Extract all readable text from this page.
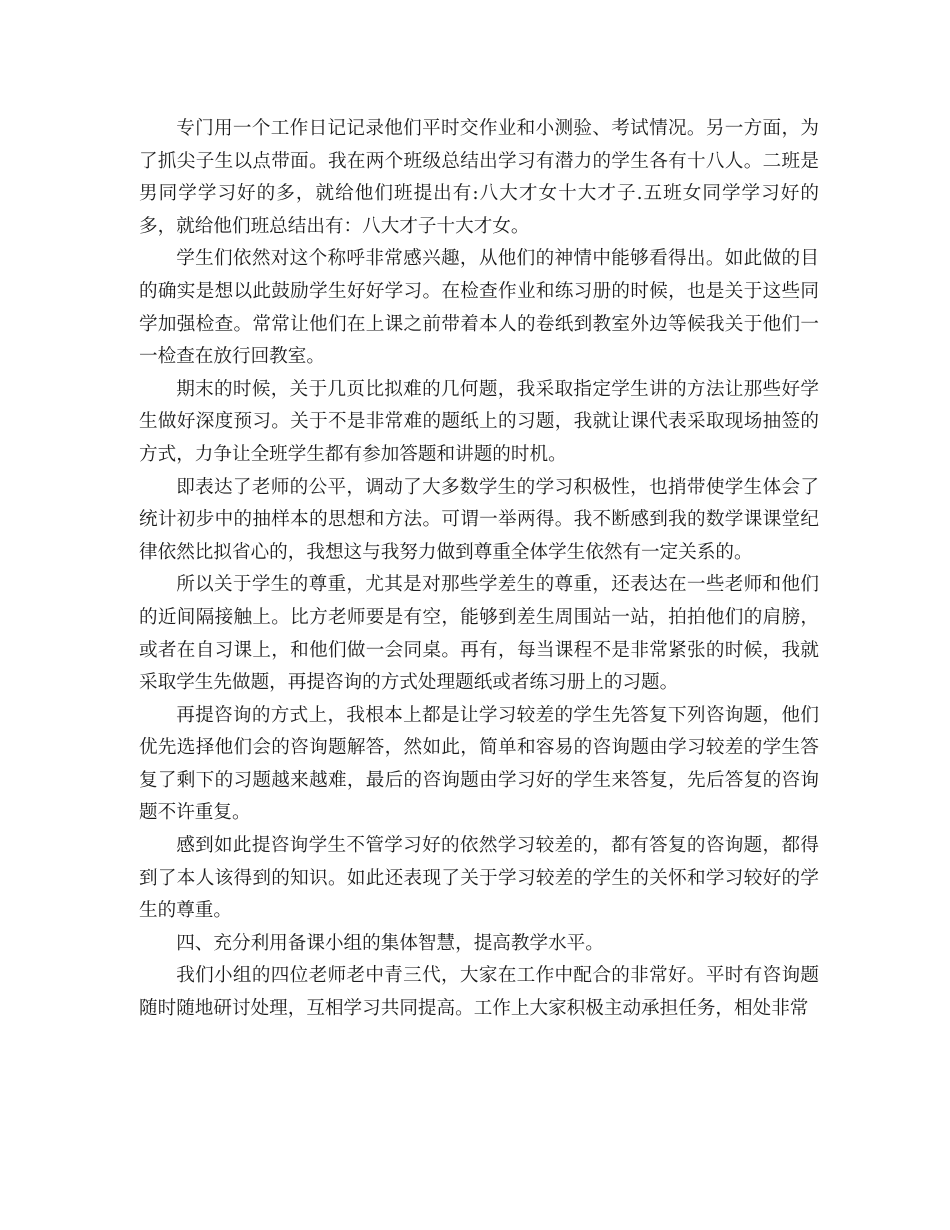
专门用一个工作日记记录他们平时交作业和小测验、考试情况。另一方面，为了抓尖子生以点带面。我在两个班级总结出学习有潜力的学生各有十八人。二班是男同学学习好的多，就给他们班提出有:八大才女十大才子.五班女同学学习好的多，就给他们班总结出有：八大才子十大才女。

学生们依然对这个称呼非常感兴趣，从他们的神情中能够看得出。如此做的目的确实是想以此鼓励学生好好学习。在检查作业和练习册的时候，也是关于这些同学加强检查。常常让他们在上课之前带着本人的卷纸到教室外边等候我关于他们一一检查在放行回教室。

期末的时候，关于几页比拟难的几何题，我采取指定学生讲的方法让那些好学生做好深度预习。关于不是非常难的题纸上的习题，我就让课代表采取现场抽签的方式，力争让全班学生都有参加答题和讲题的时机。

即表达了老师的公平，调动了大多数学生的学习积极性，也捎带使学生体会了统计初步中的抽样本的思想和方法。可谓一举两得。我不断感到我的数学课课堂纪律依然比拟省心的，我想这与我努力做到尊重全体学生依然有一定关系的。

所以关于学生的尊重，尤其是对那些学差生的尊重，还表达在一些老师和他们的近间隔接触上。比方老师要是有空，能够到差生周围站一站，拍拍他们的肩膀，或者在自习课上，和他们做一会同桌。再有，每当课程不是非常紧张的时候，我就采取学生先做题，再提咨询的方式处理题纸或者练习册上的习题。

再提咨询的方式上，我根本上都是让学习较差的学生先答复下列咨询题，他们优先选择他们会的咨询题解答，然如此，简单和容易的咨询题由学习较差的学生答复了剩下的习题越来越难，最后的咨询题由学习好的学生来答复，先后答复的咨询题不许重复。

感到如此提咨询学生不管学习好的依然学习较差的，都有答复的咨询题，都得到了本人该得到的知识。如此还表现了关于学习较差的学生的关怀和学习较好的学生的尊重。

四、充分利用备课小组的集体智慧，提高教学水平。

我们小组的四位老师老中青三代，大家在工作中配合的非常好。平时有咨询题随时随地研讨处理，互相学习共同提高。工作上大家积极主动承担任务，相处非常
